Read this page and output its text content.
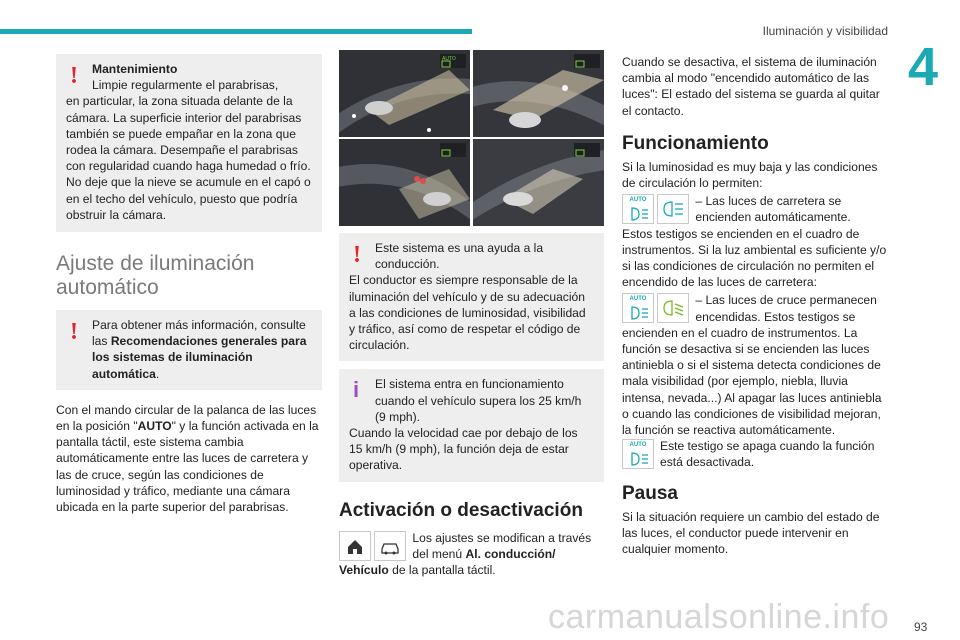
Iluminación y visibilidad
4
93
carmanualsonline.info
!	Mantenimiento

Limpie regularmente el parabrisas,

en particular, la zona situada delante de la cámara. La superficie interior del parabrisas también se puede empañar en la zona que rodea la cámara. Desempañe el parabrisas con regularidad cuando haga humedad o frío. No deje que la nieve se acumule en el capó o en el techo del vehículo, puesto que podría obstruir la cámara.

Ajuste de iluminación automático

!	Para obtener más información, consulte las Recomendaciones generales para los sistemas de iluminación automática.

Con el mando circular de la palanca de las luces en la posición "AUTO" y la función activada en la pantalla táctil, este sistema cambia automáticamente entre las luces de carretera y las de cruce, según las condiciones de luminosidad y tráfico, mediante una cámara ubicada en la parte superior del parabrisas.

AUTO
!	Este sistema es una ayuda a la conducción.

El conductor es siempre responsable de la iluminación del vehículo y de su adecuación a las condiciones de luminosidad, visibilidad y tráfico, así como de respetar el código de circulación.

i	El sistema entra en funcionamiento cuando el vehículo supera los 25 km/h (9 mph).

Cuando la velocidad cae por debajo de los 15 km/h (9 mph), la función deja de estar operativa.

Activación o desactivación

Los ajustes se modifican a través del menú Al. conducción/ Vehículo de la pantalla táctil.

Cuando se desactiva, el sistema de iluminación cambia al modo "encendido automático de las luces": El estado del sistema se guarda al quitar el contacto.

Funcionamiento

Si la luminosidad es muy baja y las condiciones de circulación lo permiten:

AUTO
	– Las luces de carretera se encienden automáticamente.

Estos testigos se encienden en el cuadro de instrumentos. Si la luz ambiental es suficiente y/o si las condiciones de circulación no permiten el encendido de las luces de carretera:

AUTO
	– Las luces de cruce permanecen encendidas. Estos testigos se

encienden en el cuadro de instrumentos. La función se desactiva si se encienden las luces antiniebla o si el sistema detecta condiciones de mala visibilidad (por ejemplo, niebla, lluvia intensa, nevada...) Al apagar las luces antiniebla o cuando las condiciones de visibilidad mejoran, la función se reactiva automáticamente.

AUTO	Este testigo se apaga cuando la función está desactivada.

Pausa

Si la situación requiere un cambio del estado de las luces, el conductor puede intervenir en cualquier momento.
